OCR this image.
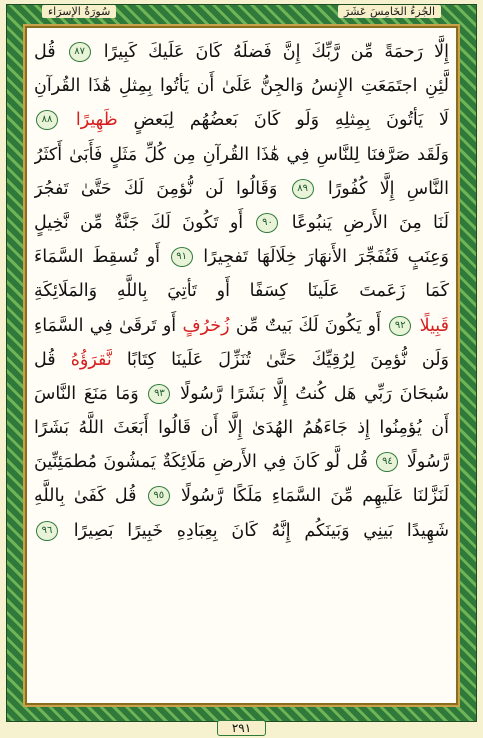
سُورَةُ الإِسرَاء	الجُزءُ الخَامِسَ عَشَرَ
إِلَّا رَحمَةً مِّن رَّبِّكَ إِنَّ فَضلَهُ كَانَ عَلَيكَ كَبِيرًا ٨٧ قُل
لَّئِنِ اجتَمَعَتِ الإِنسُ وَالجِنُّ عَلَىٰ أَن يَأتُوا بِمِثلِ هَٰذَا القُرآنِ
لَا يَأتُونَ بِمِثلِهِ وَلَو كَانَ بَعضُهُم لِبَعضٍ ظَهِيرًا ٨٨
وَلَقَد صَرَّفنَا لِلنَّاسِ فِي هَٰذَا القُرآنِ مِن كُلِّ مَثَلٍ فَأَبَىٰ أَكثَرُ
النَّاسِ إِلَّا كُفُورًا ٨٩ وَقَالُوا لَن نُّؤمِنَ لَكَ حَتَّىٰ تَفجُرَ
لَنَا مِنَ الأَرضِ يَنبُوعًا ٩٠ أَو تَكُونَ لَكَ جَنَّةٌ مِّن نَّخِيلٍ
وَعِنَبٍ فَتُفَجِّرَ الأَنهَارَ خِلَالَهَا تَفجِيرًا ٩١ أَو تُسقِطَ السَّمَاءَ
كَمَا زَعَمتَ عَلَينَا كِسَفًا أَو تَأتِيَ بِاللَّهِ وَالمَلَائِكَةِ
قَبِيلًا ٩٢ أَو يَكُونَ لَكَ بَيتٌ مِّن زُخرُفٍ أَو تَرقَىٰ فِي السَّمَاءِ
وَلَن نُّؤمِنَ لِرُقِيِّكَ حَتَّىٰ تُنَزِّلَ عَلَينَا كِتَابًا نَّقرَؤُهُ قُل
سُبحَانَ رَبِّي هَل كُنتُ إِلَّا بَشَرًا رَّسُولًا ٩٣ وَمَا مَنَعَ النَّاسَ
أَن يُؤمِنُوا إِذ جَاءَهُمُ الهُدَىٰ إِلَّا أَن قَالُوا أَبَعَثَ اللَّهُ بَشَرًا
رَّسُولًا ٩٤ قُل لَّو كَانَ فِي الأَرضِ مَلَائِكَةٌ يَمشُونَ مُطمَئِنِّينَ
لَنَزَّلنَا عَلَيهِم مِّنَ السَّمَاءِ مَلَكًا رَّسُولًا ٩٥ قُل كَفَىٰ بِاللَّهِ
شَهِيدًا بَينِي وَبَينَكُم إِنَّهُ كَانَ بِعِبَادِهِ خَبِيرًا بَصِيرًا ٩٦
٢٩١
